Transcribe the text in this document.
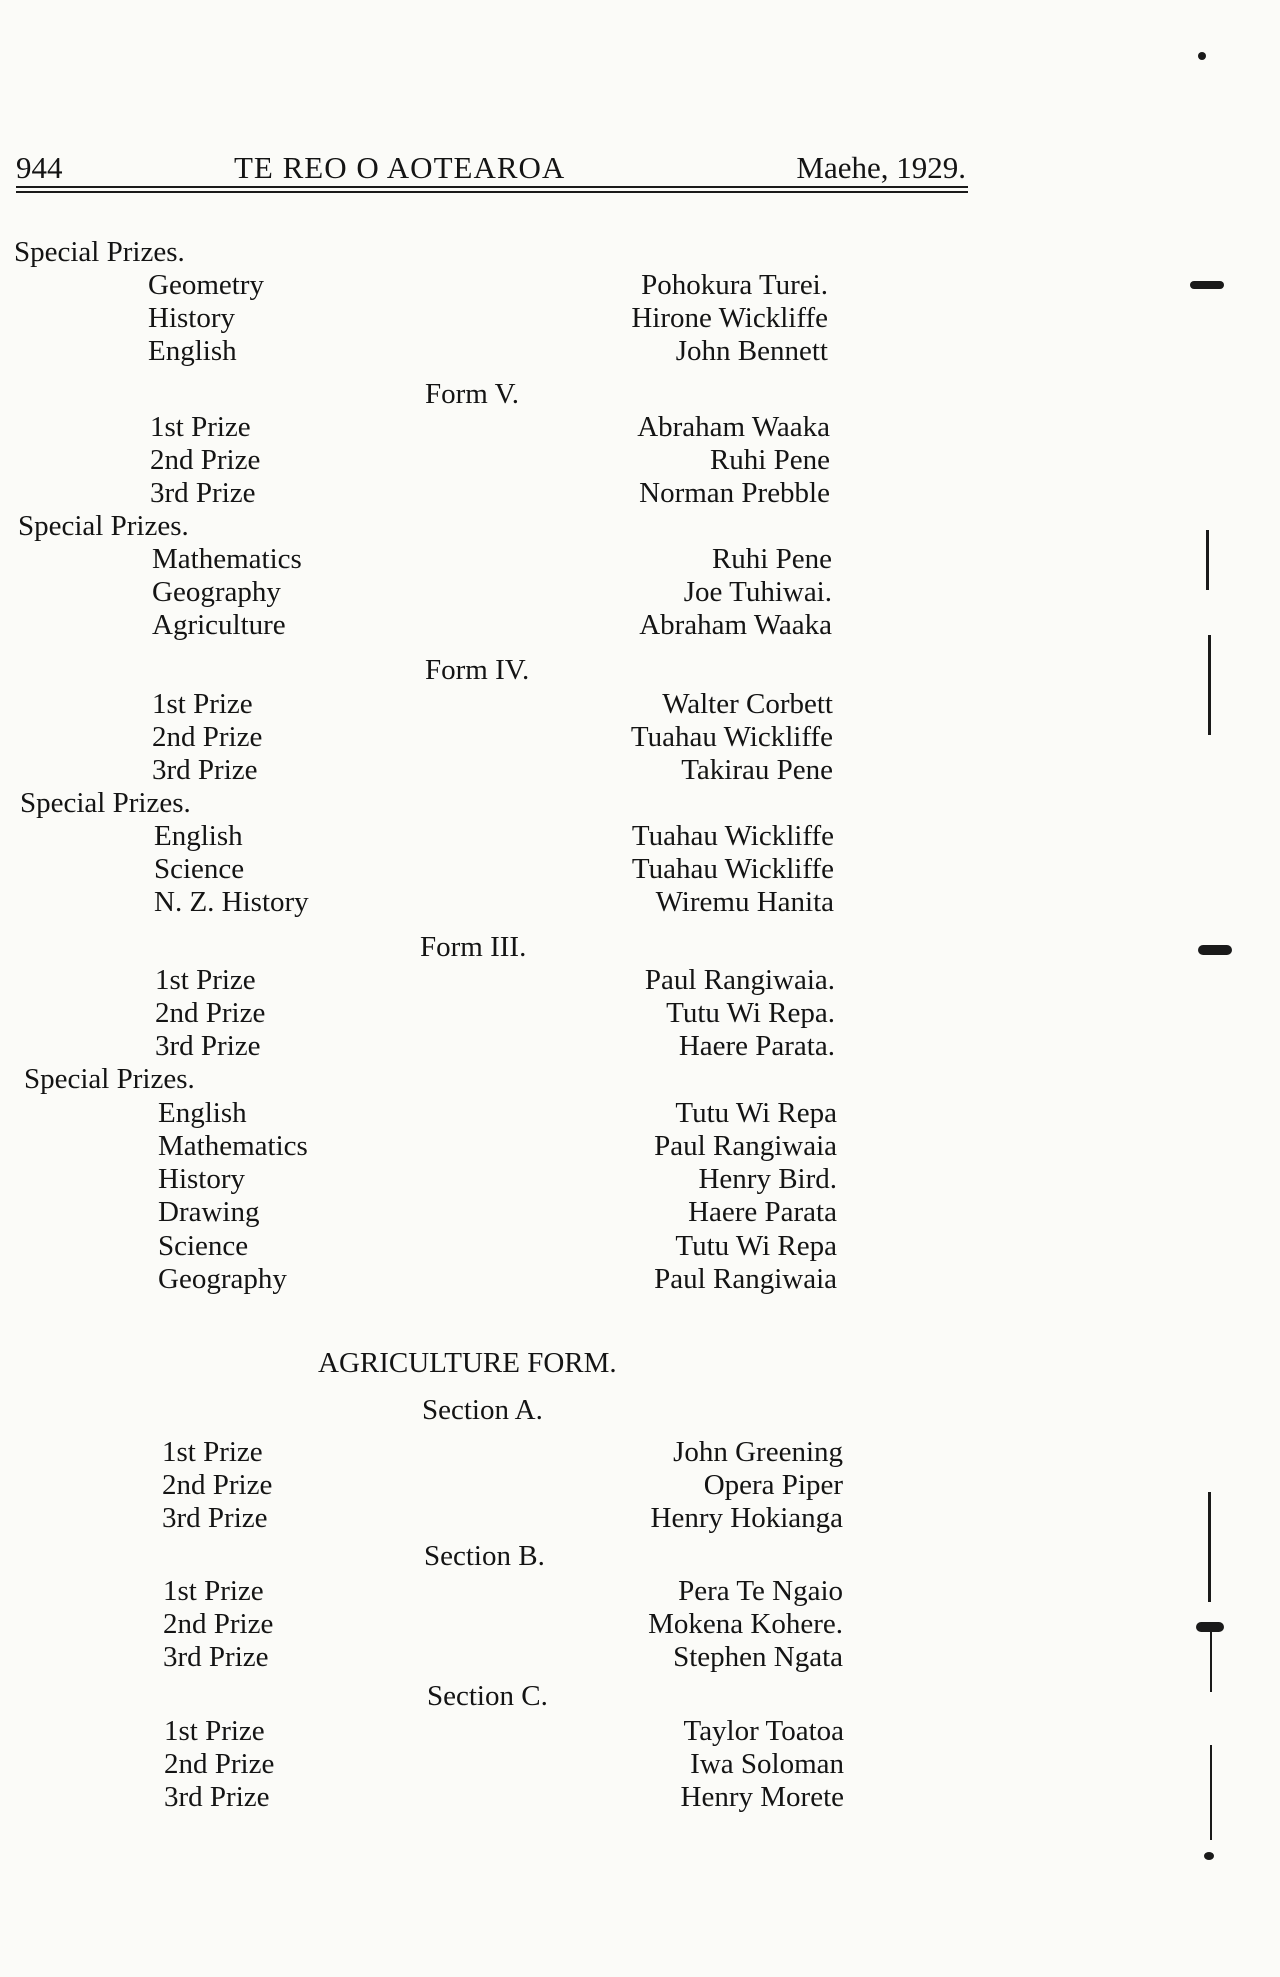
944	TE REO O AOTEAROA	Maehe, 1929.
Special Prizes.
Geometry	Pohokura Turei.
History	Hirone Wickliffe
English	John Bennett
Form V.
1st Prize	Abraham Waaka
2nd Prize	Ruhi Pene
3rd Prize	Norman Prebble
Special Prizes.
Mathematics	Ruhi Pene
Geography	Joe Tuhiwai.
Agriculture	Abraham Waaka
Form IV.
1st Prize	Walter Corbett
2nd Prize	Tuahau Wickliffe
3rd Prize	Takirau Pene
Special Prizes.
English	Tuahau Wickliffe
Science	Tuahau Wickliffe
N. Z. History	Wiremu Hanita
Form III.
1st Prize	Paul Rangiwaia.
2nd Prize	Tutu Wi Repa.
3rd Prize	Haere Parata.
Special Prizes.
English	Tutu Wi Repa
Mathematics	Paul Rangiwaia
History	Henry Bird.
Drawing	Haere Parata
Science	Tutu Wi Repa
Geography	Paul Rangiwaia
AGRICULTURE FORM.
Section A.
1st Prize	John Greening
2nd Prize	Opera Piper
3rd Prize	Henry Hokianga
Section B.
1st Prize	Pera Te Ngaio
2nd Prize	Mokena Kohere.
3rd Prize	Stephen Ngata
Section C.
1st Prize	Taylor Toatoa
2nd Prize	Iwa Soloman
3rd Prize	Henry Morete
